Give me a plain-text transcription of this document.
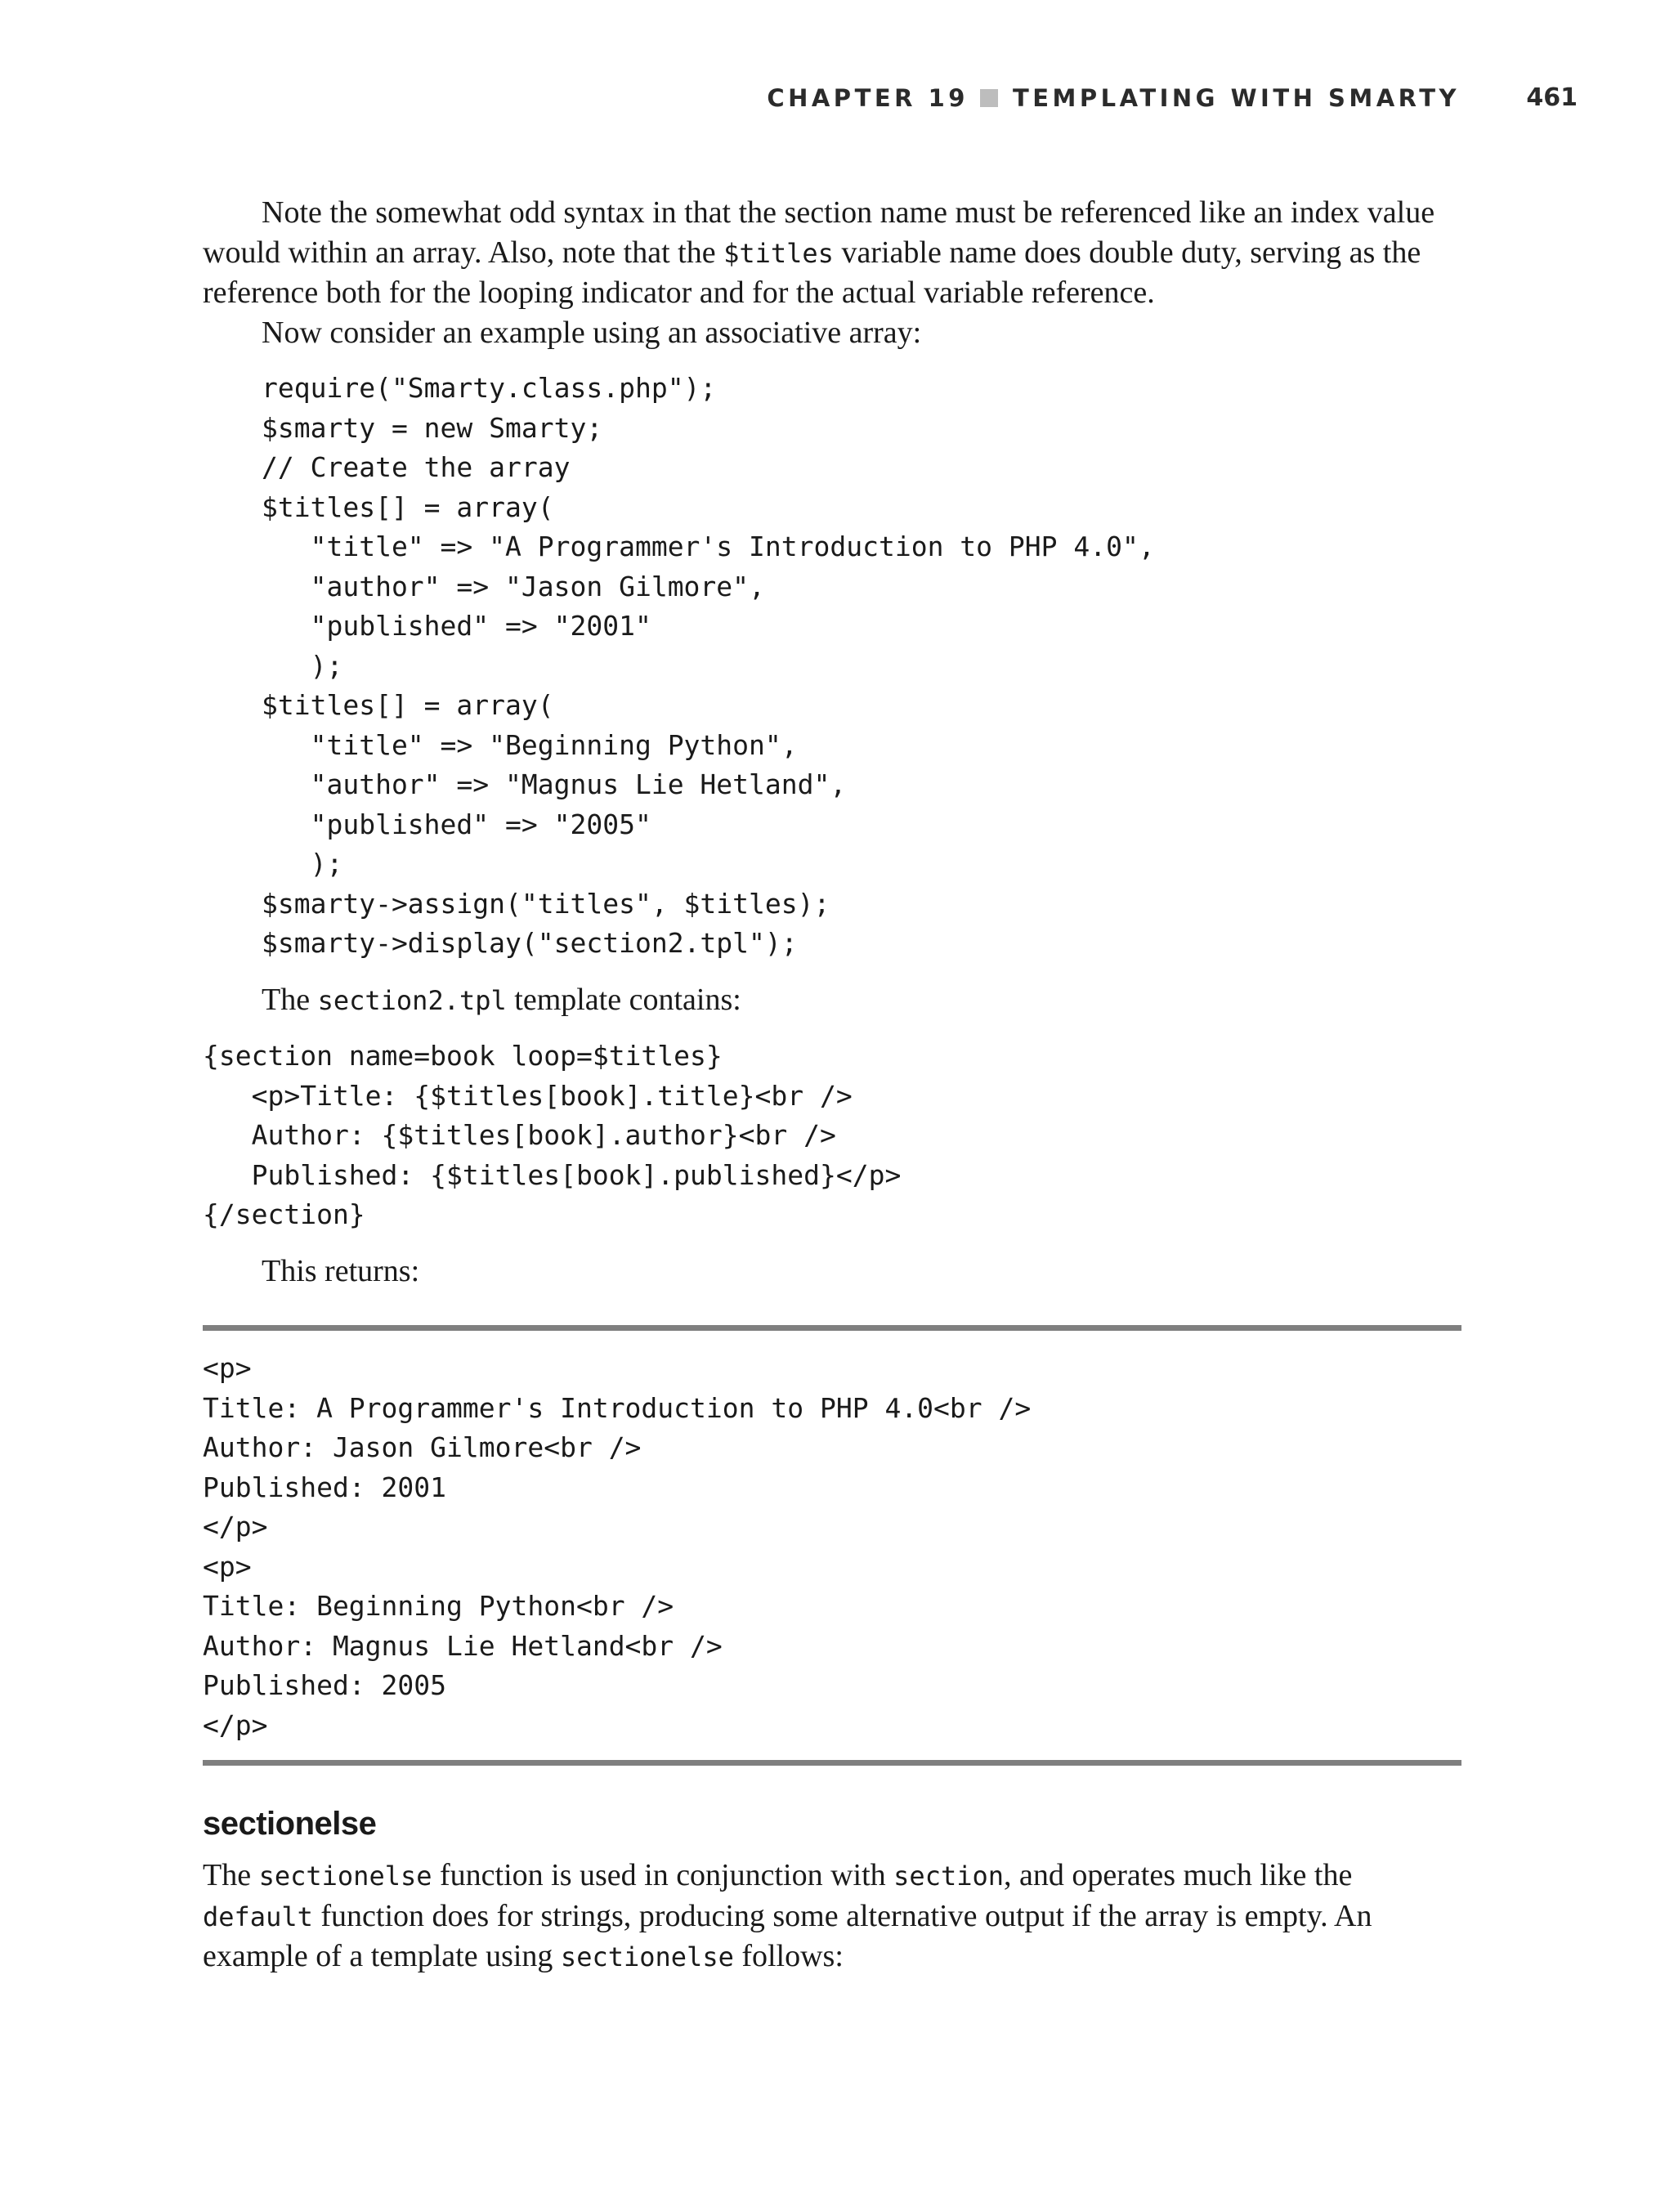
CHAPTER 19 TEMPLATING WITH SMARTY	461

Note the somewhat odd syntax in that the section name must be referenced like an index value would within an array. Also, note that the $titles variable name does double duty, serving as the reference both for the looping indicator and for the actual variable reference.

Now consider an example using an associative array:

require("Smarty.class.php");
$smarty = new Smarty;
// Create the array
$titles[] = array(
"title" => "A Programmer's Introduction to PHP 4.0",
"author" => "Jason Gilmore",
"published" => "2001"
);
$titles[] = array(
"title" => "Beginning Python",
"author" => "Magnus Lie Hetland",
"published" => "2005"
);
$smarty->assign("titles", $titles);
$smarty->display("section2.tpl");

The section2.tpl template contains:

{section name=book loop=$titles}
<p>Title: {$titles[book].title}<br />
Author: {$titles[book].author}<br />
Published: {$titles[book].published}</p>
{/section}

This returns:

<p>
Title: A Programmer's Introduction to PHP 4.0<br />
Author: Jason Gilmore<br />
Published: 2001
</p>
<p>
Title: Beginning Python<br />
Author: Magnus Lie Hetland<br />
Published: 2005
</p>
sectionelse

The sectionelse function is used in conjunction with section, and operates much like the default function does for strings, producing some alternative output if the array is empty. An example of a template using sectionelse follows:
